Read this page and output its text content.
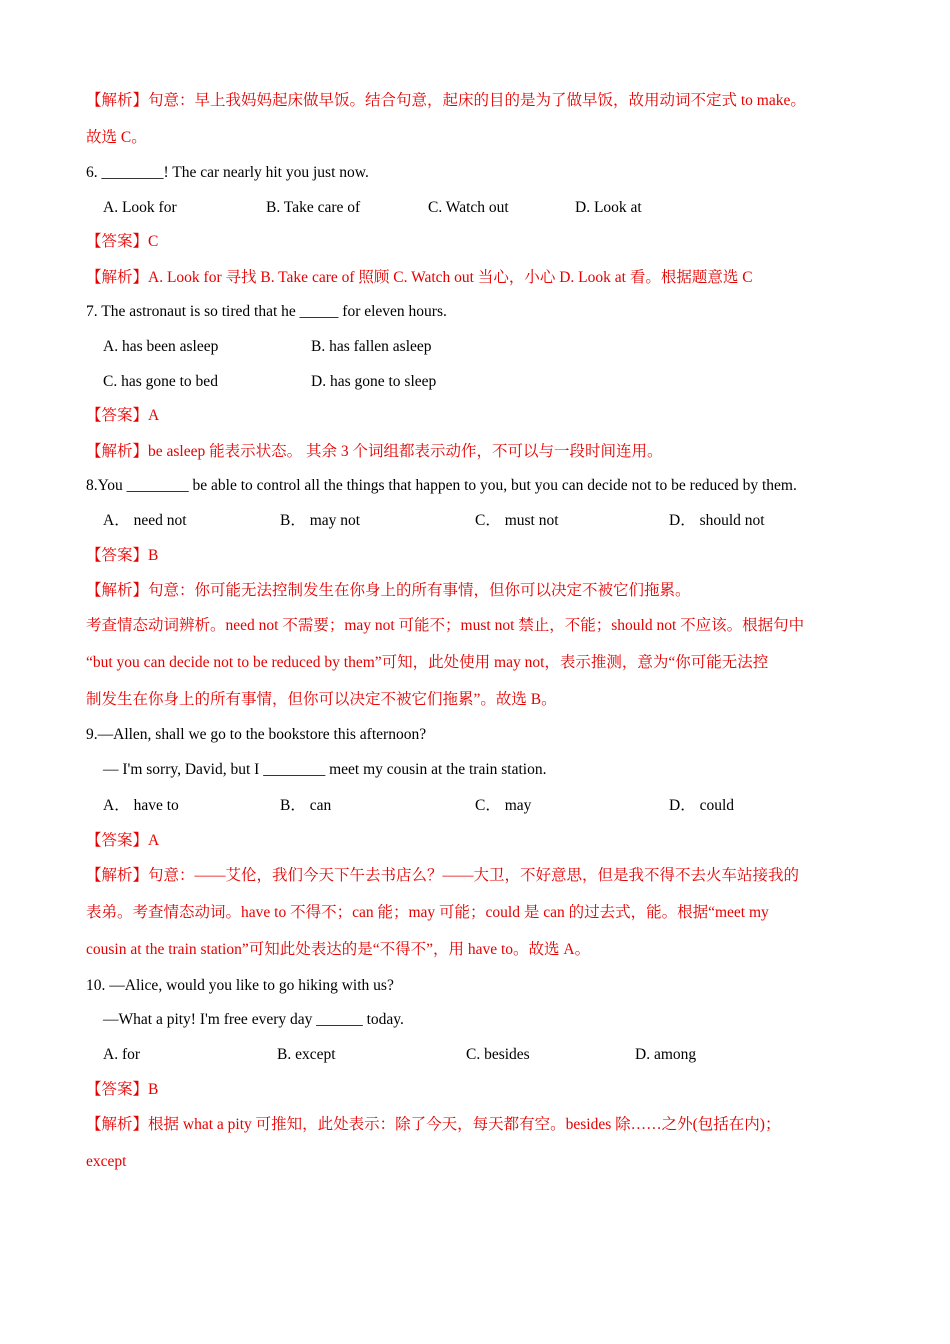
【解析】句意：早上我妈妈起床做早饭。结合句意，起床的目的是为了做早饭，故用动词不定式 to make。
故选 C。
6. ________! The car nearly hit you just now.
A. Look for	B. Take care of	C. Watch out	D. Look at
【答案】C
【解析】A. Look for 寻找 B. Take care of 照顾 C. Watch out 当心，小心 D. Look at 看。根据题意选 C
7. The astronaut is so tired that he _____ for eleven hours.
A. has been asleep	B. has fallen asleep
C. has gone to bed	D. has gone to sleep
【答案】A
【解析】be asleep 能表示状态。 其余 3 个词组都表示动作，不可以与一段时间连用。
8.You ________ be able to control all the things that happen to you, but you can decide not to be reduced by them.
A． need not	B． may not	C． must not	D． should not
【答案】B
【解析】句意：你可能无法控制发生在你身上的所有事情，但你可以决定不被它们拖累。
考查情态动词辨析。need not 不需要；may not 可能不；must not 禁止，不能；should not 不应该。根据句中
“but you can decide not to be reduced by them”可知，此处使用 may not，表示推测，意为“你可能无法控
制发生在你身上的所有事情，但你可以决定不被它们拖累”。故选 B。
9.—Allen, shall we go to the bookstore this afternoon?
— I'm sorry, David, but I ________ meet my cousin at the train station.
A． have to	B． can	C． may	D． could
【答案】A
【解析】句意：——艾伦，我们今天下午去书店么？——大卫，不好意思，但是我不得不去火车站接我的
表弟。考查情态动词。have to 不得不；can 能；may 可能；could 是 can 的过去式，能。根据“meet my
cousin at the train station”可知此处表达的是“不得不”，用 have to。故选 A。
10. —Alice, would you like to go hiking with us?
—What a pity! I'm free every day ______ today.
A. for	B. except	C. besides	D. among
【答案】B
【解析】根据 what a pity 可推知，此处表示：除了今天，每天都有空。besides 除……之外(包括在内)；
except
